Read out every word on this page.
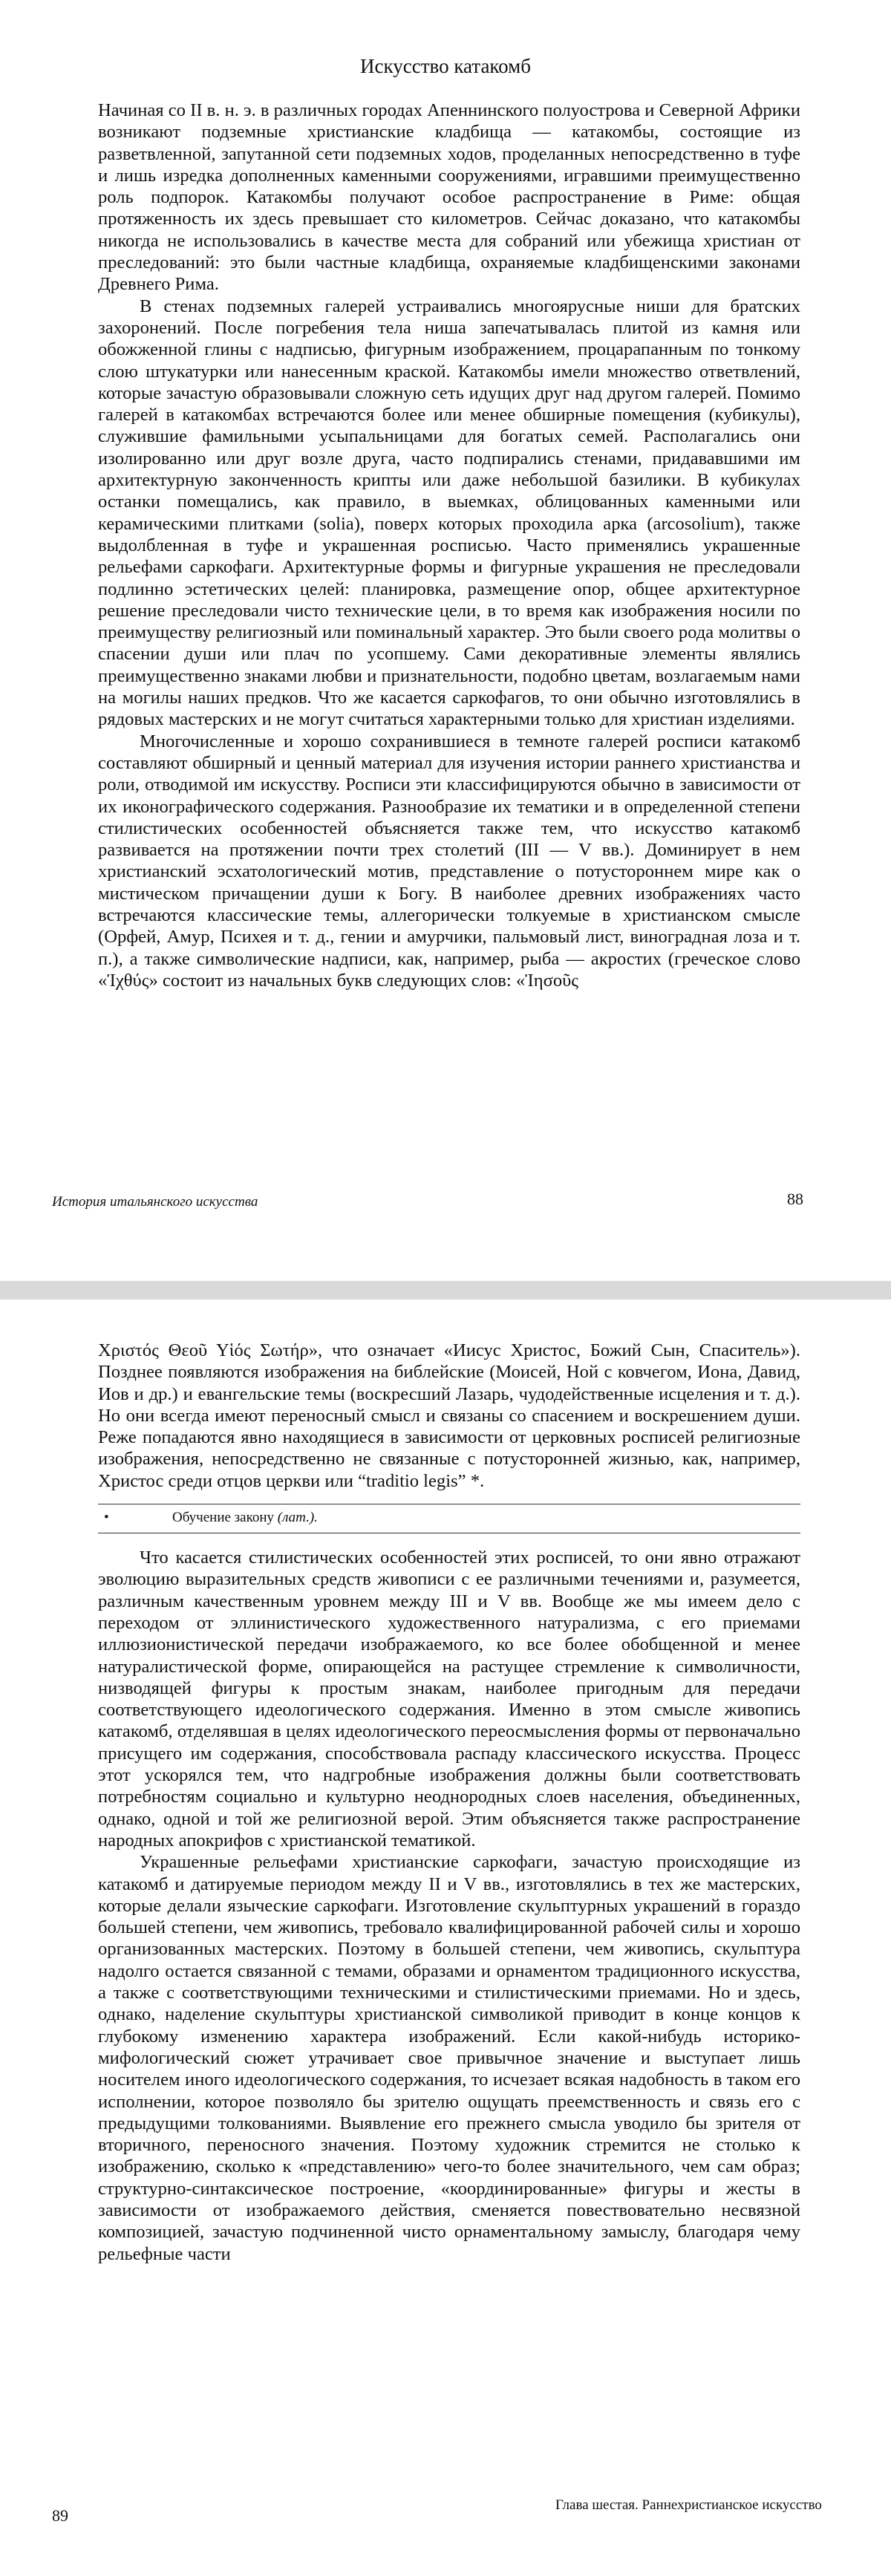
Искусство катакомб

Начиная со II в. н. э. в различных городах Апеннинского полуострова и Северной Африки возникают подземные христианские кладбища — катакомбы, состоящие из разветвленной, запутанной сети подземных ходов, проделанных непосредственно в туфе и лишь изредка дополненных каменными сооружениями, игравшими преимущественно роль подпорок. Катакомбы получают особое распространение в Риме: общая протяженность их здесь превышает сто километров. Сейчас доказано, что катакомбы никогда не использовались в качестве места для собраний или убежища христиан от преследований: это были частные кладбища, охраняемые кладбищенскими законами Древнего Рима.

В стенах подземных галерей устраивались многоярусные ниши для братских захоронений. После погребения тела ниша запечатывалась плитой из камня или обожженной глины с надписью, фигурным изображением, процарапанным по тонкому слою штукатурки или нанесенным краской. Катакомбы имели множество ответвлений, которые зачастую образовывали сложную сеть идущих друг над другом галерей. Помимо галерей в катакомбах встречаются более или менее обширные помещения (кубикулы), служившие фамильными усыпальницами для богатых семей. Располагались они изолированно или друг возле друга, часто подпирались стенами, придававшими им архитектурную законченность крипты или даже небольшой базилики. В кубикулах останки помещались, как правило, в выемках, облицованных каменными или керамическими плитками (solia), поверх которых проходила арка (arcosolium), также выдолбленная в туфе и украшенная росписью. Часто применялись украшенные рельефами саркофаги. Архитектурные формы и фигурные украшения не преследовали подлинно эстетических целей: планировка, размещение опор, общее архитектурное решение преследовали чисто технические цели, в то время как изображения носили по преимуществу религиозный или поминальный характер. Это были своего рода молитвы о спасении души или плач по усопшему. Сами декоративные элементы являлись преимущественно знаками любви и признательности, подобно цветам, возлагаемым нами на могилы наших предков. Что же касается саркофагов, то они обычно изготовлялись в рядовых мастерских и не могут считаться характерными только для христиан изделиями.

Многочисленные и хорошо сохранившиеся в темноте галерей росписи катакомб составляют обширный и ценный материал для изучения истории раннего христианства и роли, отводимой им искусству. Росписи эти классифицируются обычно в зависимости от их иконографического содержания. Разнообразие их тематики и в определенной степени стилистических особенностей объясняется также тем, что искусство катакомб развивается на протяжении почти трех столетий (III — V вв.). Доминирует в нем христианский эсхатологический мотив, представление о потустороннем мире как о мистическом причащении души к Богу. В наиболее древних изображениях часто встречаются классические темы, аллегорически толкуемые в христианском смысле (Орфей, Амур, Психея и т. д., гении и амурчики, пальмовый лист, виноградная лоза и т. п.), а также символические надписи, как, например, рыба — акростих (греческое слово «Ἰχθύς» состоит из начальных букв следующих слов: «Ἰησοῦς

История итальянского искусства	88

Χριστός Θεοῦ Υἱός Σωτήρ», что означает «Иисус Христос, Божий Сын, Спаситель»). Позднее появляются изображения на библейские (Моисей, Ной с ковчегом, Иона, Давид, Иов и др.) и евангельские темы (воскресший Лазарь, чудодейственные исцеления и т. д.). Но они всегда имеют переносный смысл и связаны со спасением и воскрешением души. Реже попадаются явно находящиеся в зависимости от церковных росписей религиозные изображения, непосредственно не связанные с потусторонней жизнью, как, например, Христос среди отцов церкви или “traditio legis” *.

•	Обучение закону (лат.).

Что касается стилистических особенностей этих росписей, то они явно отражают эволюцию выразительных средств живописи с ее различными течениями и, разумеется, различным качественным уровнем между III и V вв. Вообще же мы имеем дело с переходом от эллинистического художественного натурализма, с его приемами иллюзионистической передачи изображаемого, ко все более обобщенной и менее натуралистической форме, опирающейся на растущее стремление к символичности, низводящей фигуры к простым знакам, наиболее пригодным для передачи соответствующего идеологического содержания. Именно в этом смысле живопись катакомб, отделявшая в целях идеологического переосмысления формы от первоначально присущего им содержания, способствовала распаду классического искусства. Процесс этот ускорялся тем, что надгробные изображения должны были соответствовать потребностям социально и культурно неоднородных слоев населения, объединенных, однако, одной и той же религиозной верой. Этим объясняется также распространение народных апокрифов с христианской тематикой.

Украшенные рельефами христианские саркофаги, зачастую происходящие из катакомб и датируемые периодом между II и V вв., изготовлялись в тех же мастерских, которые делали языческие саркофаги. Изготовление скульптурных украшений в гораздо большей степени, чем живопись, требовало квалифицированной рабочей силы и хорошо организованных мастерских. Поэтому в большей степени, чем живопись, скульптура надолго остается связанной с темами, образами и орнаментом традиционного искусства, а также с соответствующими техническими и стилистическими приемами. Но и здесь, однако, наделение скульптуры христианской символикой приводит в конце концов к глубокому изменению характера изображений. Если какой-нибудь историко-мифологический сюжет утрачивает свое привычное значение и выступает лишь носителем иного идеологического содержания, то исчезает всякая надобность в таком его исполнении, которое позволяло бы зрителю ощущать преемственность и связь его с предыдущими толкованиями. Выявление его прежнего смысла уводило бы зрителя от вторичного, переносного значения. Поэтому художник стремится не столько к изображению, сколько к «представлению» чего-то более значительного, чем сам образ; структурно-синтаксическое построение, «координированные» фигуры и жесты в зависимости от изображаемого действия, сменяется повествовательно несвязной композицией, зачастую подчиненной чисто орнаментальному замыслу, благодаря чему рельефные части

89
Глава шестая. Раннехристианское искусство
